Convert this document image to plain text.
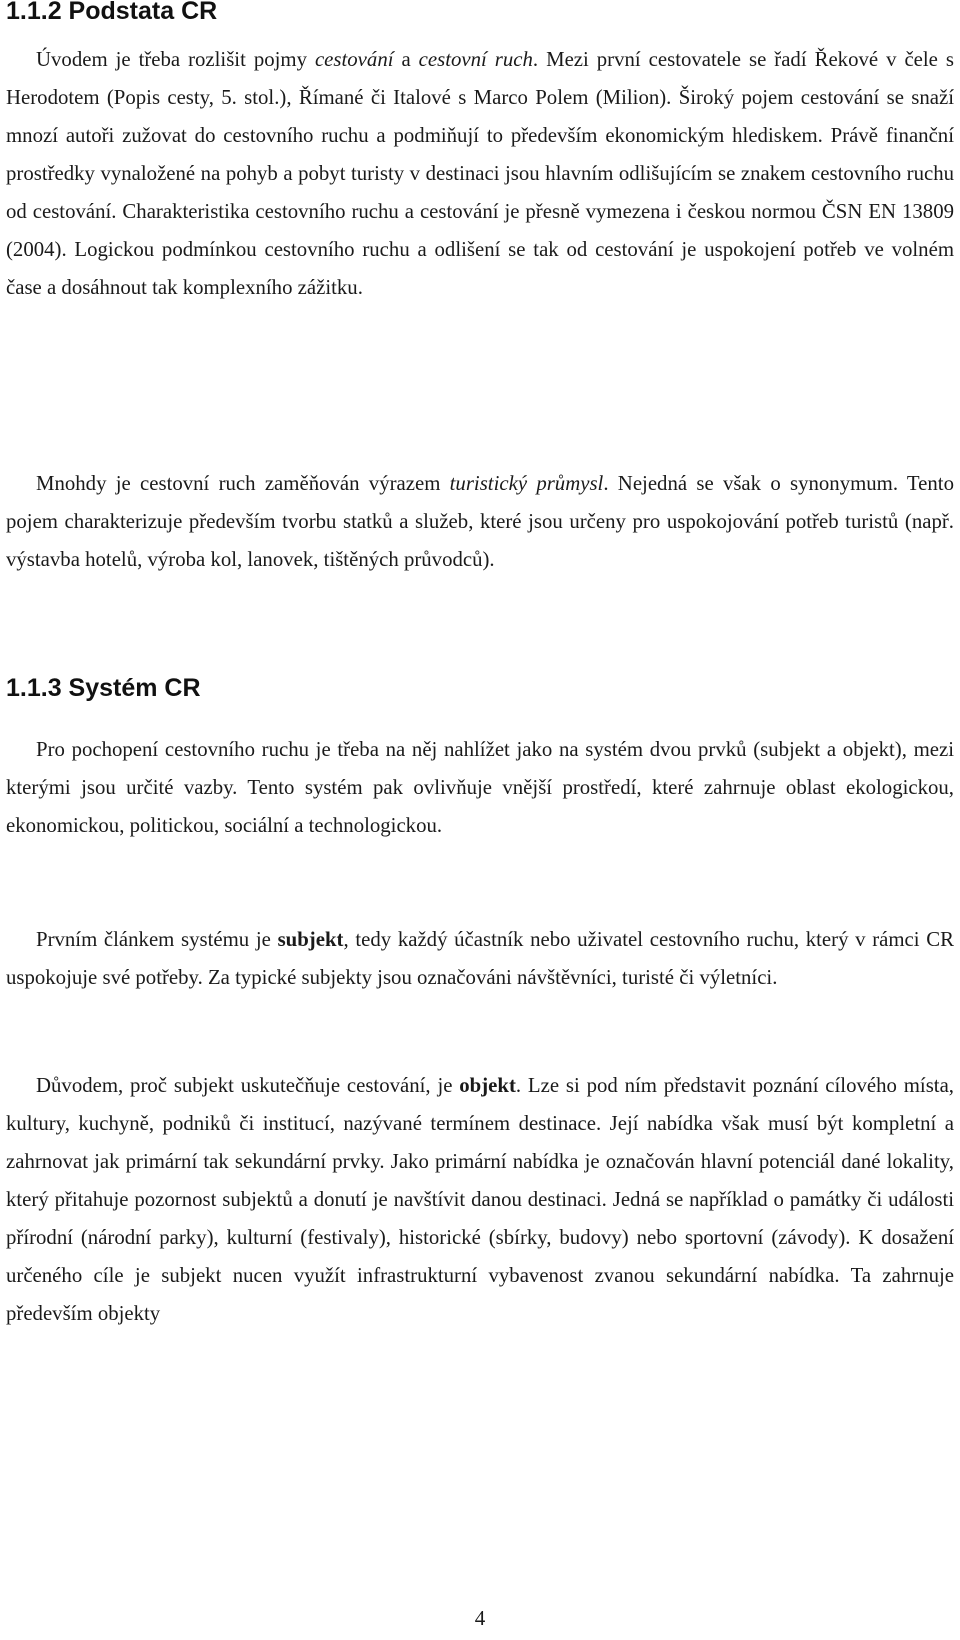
1.1.2 Podstata CR

Úvodem je třeba rozlišit pojmy cestování a cestovní ruch. Mezi první cestovatele se řadí Řekové v čele s Herodotem (Popis cesty, 5. stol.), Římané či Italové s Marco Polem (Milion). Široký pojem cestování se snaží mnozí autoři zužovat do cestovního ruchu a podmiňují to především ekonomickým hlediskem. Právě finanční prostředky vynaložené na pohyb a pobyt turisty v destinaci jsou hlavním odlišujícím se znakem cestovního ruchu od cestování. Charakteristika cestovního ruchu a cestování je přesně vymezena i českou normou ČSN EN 13809 (2004). Logickou podmínkou cestovního ruchu a odlišení se tak od cestování je uspokojení potřeb ve volném čase a dosáhnout tak komplexního zážitku.

Mnohdy je cestovní ruch zaměňován výrazem turistický průmysl. Nejedná se však o synonymum. Tento pojem charakterizuje především tvorbu statků a služeb, které jsou určeny pro uspokojování potřeb turistů (např. výstavba hotelů, výroba kol, lanovek, tištěných průvodců).

1.1.3 Systém CR

Pro pochopení cestovního ruchu je třeba na něj nahlížet jako na systém dvou prvků (subjekt a objekt), mezi kterými jsou určité vazby. Tento systém pak ovlivňuje vnější prostředí, které zahrnuje oblast ekologickou, ekonomickou, politickou, sociální a technologickou.

Prvním článkem systému je subjekt, tedy každý účastník nebo uživatel cestovního ruchu, který v rámci CR uspokojuje své potřeby. Za typické subjekty jsou označováni návštěvníci, turisté či výletníci.

Důvodem, proč subjekt uskutečňuje cestování, je objekt. Lze si pod ním představit poznání cílového místa, kultury, kuchyně, podniků či institucí, nazývané termínem destinace. Její nabídka však musí být kompletní a zahrnovat jak primární tak sekundární prvky. Jako primární nabídka je označován hlavní potenciál dané lokality, který přitahuje pozornost subjektů a donutí je navštívit danou destinaci. Jedná se například o památky či události přírodní (národní parky), kulturní (festivaly), historické (sbírky, budovy) nebo sportovní (závody). K dosažení určeného cíle je subjekt nucen využít infrastrukturní vybavenost zvanou sekundární nabídka. Ta zahrnuje především objekty

4
